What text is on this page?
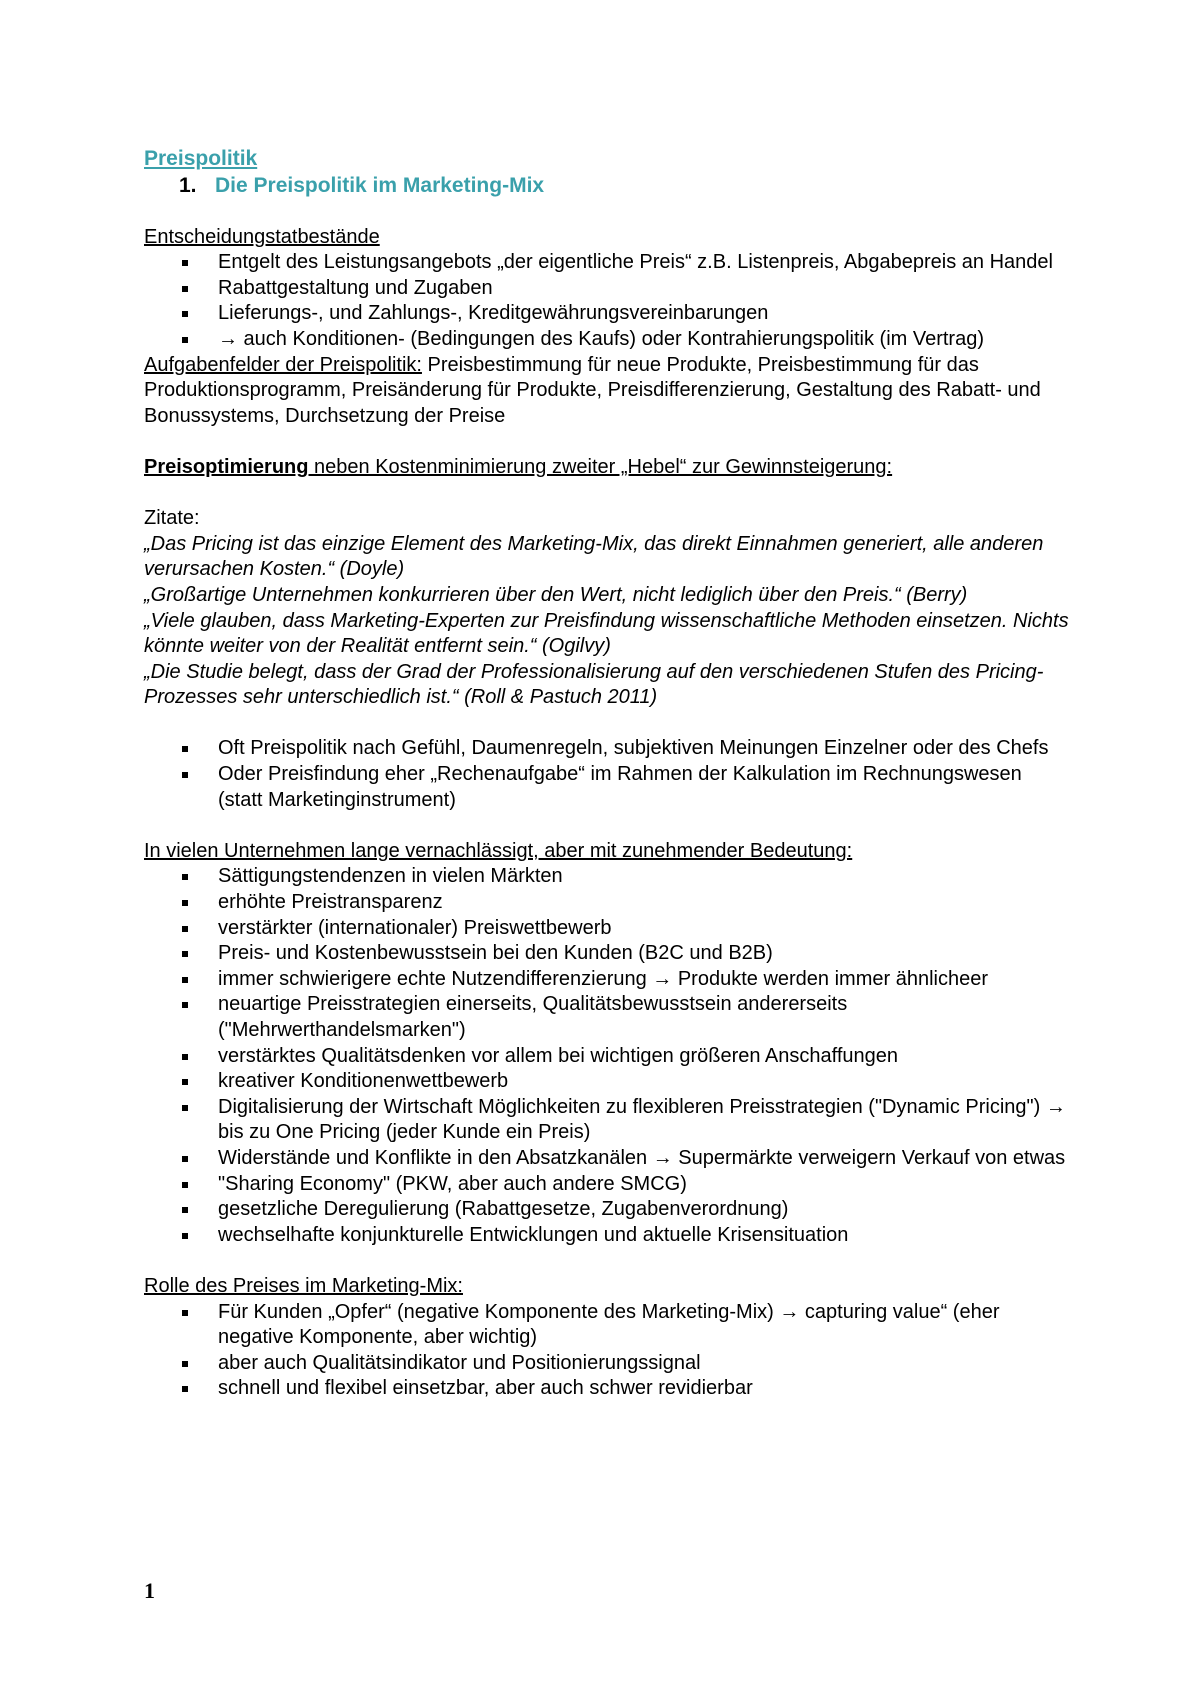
Preispolitik
1. Die Preispolitik im Marketing-Mix
Entscheidungstatbestände
Entgelt des Leistungsangebots „der eigentliche Preis“ z.B. Listenpreis, Abgabepreis an Handel
Rabattgestaltung und Zugaben
Lieferungs-, und Zahlungs-, Kreditgewährungsvereinbarungen
→ auch Konditionen- (Bedingungen des Kaufs) oder Kontrahierungspolitik (im Vertrag)
Aufgabenfelder der Preispolitik: Preisbestimmung für neue Produkte, Preisbestimmung für das Produktionsprogramm, Preisänderung für Produkte, Preisdifferenzierung, Gestaltung des Rabatt- und Bonussystems, Durchsetzung der Preise
Preisoptimierung neben Kostenminimierung zweiter „Hebel“ zur Gewinnsteigerung:
Zitate:
„Das Pricing ist das einzige Element des Marketing-Mix, das direkt Einnahmen generiert, alle anderen verursachen Kosten.“ (Doyle)
„Großartige Unternehmen konkurrieren über den Wert, nicht lediglich über den Preis.“ (Berry)
„Viele glauben, dass Marketing-Experten zur Preisfindung wissenschaftliche Methoden einsetzen. Nichts könnte weiter von der Realität entfernt sein.“ (Ogilvy)
„Die Studie belegt, dass der Grad der Professionalisierung auf den verschiedenen Stufen des Pricing-Prozesses sehr unterschiedlich ist.“ (Roll & Pastuch 2011)
Oft Preispolitik nach Gefühl, Daumenregeln, subjektiven Meinungen Einzelner oder des Chefs
Oder Preisfindung eher „Rechenaufgabe“ im Rahmen der Kalkulation im Rechnungswesen (statt Marketinginstrument)
In vielen Unternehmen lange vernachlässigt, aber mit zunehmender Bedeutung:
Sättigungstendenzen in vielen Märkten
erhöhte Preistransparenz
verstärkter (internationaler) Preiswettbewerb
Preis- und Kostenbewusstsein bei den Kunden (B2C und B2B)
immer schwierigere echte Nutzendifferenzierung → Produkte werden immer ähnlicheer
neuartige Preisstrategien einerseits, Qualitätsbewusstsein andererseits ("Mehrwerthandelsmarken")
verstärktes Qualitätsdenken vor allem bei wichtigen größeren Anschaffungen
kreativer Konditionenwettbewerb
Digitalisierung der Wirtschaft Möglichkeiten zu flexibleren Preisstrategien ("Dynamic Pricing") → bis zu One Pricing (jeder Kunde ein Preis)
Widerstände und Konflikte in den Absatzkanälen → Supermärkte verweigern Verkauf von etwas
"Sharing Economy" (PKW, aber auch andere SMCG)
gesetzliche Deregulierung (Rabattgesetze, Zugabenverordnung)
wechselhafte konjunkturelle Entwicklungen und aktuelle Krisensituation
Rolle des Preises im Marketing-Mix:
Für Kunden „Opfer“ (negative Komponente des Marketing-Mix) → capturing value“ (eher negative Komponente, aber wichtig)
aber auch Qualitätsindikator und Positionierungssignal
schnell und flexibel einsetzbar, aber auch schwer revidierbar
1
